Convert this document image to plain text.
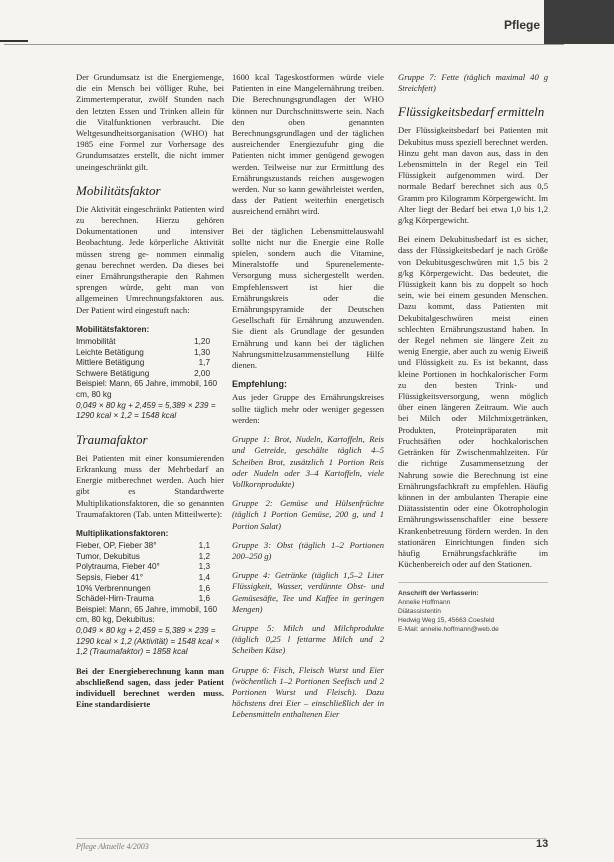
Pflege

Der Grundumsatz ist die Energiemenge, die ein Mensch bei völliger Ruhe, bei Zimmertemperatur, zwölf Stunden nach den letzten Essen und Trinken allein für die Vitalfunktionen verbraucht. Die Weltgesundheitsorganisation (WHO) hat 1985 eine Formel zur Vorhersage des Grundumsatzes erstellt, die nicht immer uneingeschränkt gilt.

Mobilitätsfaktor

Die Aktivität eingeschränkt Patienten wird zu berechnen. Hierzu gehören Dokumentationen und intensiver Beobachtung. Jede körperliche Aktivität müssen streng ge- nommen einmalig genau berechnet werden. Da dieses bei einer Ernährungstherapie den Rahmen sprengen würde, geht man von allgemeinen Umrechnungsfaktoren aus. Der Patient wird eingestuft nach:

Mobilitätsfaktoren:
Immobilität	1,20
Leichte Betätigung	1,30
Mittlere Betätigung	1,7
Schwere Betätigung	2,00
Beispiel: Mann, 65 Jahre, immobil, 160 cm, 80 kg
0,049 × 80 kg + 2,459 = 5,389 × 239 = 1290 kcal × 1,2 = 1548 kcal
Traumafaktor

Bei Patienten mit einer konsumierenden Erkrankung muss der Mehrbedarf an Energie mitberechnet werden. Auch hier gibt es Standardwerte Multiplikationsfaktoren, die so genannten Traumafaktoren (Tab. unten Mitteilwerte):

Multiplikationsfaktoren:
Fieber, OP, Fieber 38°	1,1
Tumor, Dekubitus	1,2
Polytrauma, Fieber 40°	1,3
Sepsis, Fieber 41°	1,4
10% Verbrennungen	1,6
Schädel-Hirn-Trauma	1,6
Beispiel: Mann, 65 Jahre, immobil, 160 cm, 80 kg, Dekubitus:
0,049 × 80 kg + 2,459 = 5,389 × 239 = 1290 kcal × 1,2 (Aktivität) = 1548 kcal × 1,2 (Traumafaktor) = 1858 kcal

Bei der Energieberechnung kann man abschließend sagen, dass jeder Patient individuell berechnet werden muss. Eine standardisierte

1600 kcal Tageskostformen würde viele Patienten in eine Mangelernährung treiben. Die Berechnungsgrundlagen der WHO können nur Durchschnittswerte sein. Nach den oben genannten Berechnungsgrundlagen und der täglichen ausreichender Energiezufuhr ging die Patienten nicht immer genügend gewogen werden. Teilweise nur zur Ermittlung des Ernährungszustands reichen ausgewogen werden. Nur so kann gewährleistet werden, dass der Patient weiterhin energetisch ausreichend ernährt wird.

Bei der täglichen Lebensmittelauswahl sollte nicht nur die Energie eine Rolle spielen, sondern auch die Vitamine, Mineralstoffe und Spurenelemente-Versorgung muss sichergestellt werden. Empfehlenswert ist hier die Ernährungskreis oder die Ernährungspyramide der Deutschen Gesellschaft für Ernährung anzuwenden. Sie dient als Grundlage der gesunden Ernährung und kann bei der täglichen Nahrungsmittelzusammenstellung Hilfe dienen.

Empfehlung:

Aus jeder Gruppe des Ernährungskreises sollte täglich mehr oder weniger gegessen werden:

Gruppe 1: Brot, Nudeln, Kartoffeln, Reis und Getreide, geschälte täglich 4–5 Scheiben Brot, zusätzlich 1 Portion Reis oder Nudeln oder 3–4 Kartoffeln, viele Vollkornprodukte)

Gruppe 2: Gemüse und Hülsenfrüchte (täglich 1 Portion Gemüse, 200 g, und 1 Portion Salat)

Gruppe 3: Obst (täglich 1–2 Portionen 200–250 g)

Gruppe 4: Getränke (täglich 1,5–2 Liter Flüssigkeit, Wasser, verdünnte Obst- und Gemüsesäfte, Tee und Kaffee in geringen Mengen)

Gruppe 5: Milch und Milchprodukte (täglich 0,25 l fettarme Milch und 2 Scheiben Käse)

Gruppe 6: Fisch, Fleisch Wurst und Eier (wöchentlich 1–2 Portionen Seefisch und 2 Portionen Wurst und Fleisch). Dazu höchstens drei Eier – einschließlich der in Lebensmitteln enthaltenen Eier

Gruppe 7: Fette (täglich maximal 40 g Streichfett)

Flüssigkeitsbedarf ermitteln

Der Flüssigkeitsbedarf bei Patienten mit Dekubitus muss speziell berechnet werden. Hinzu geht man davon aus, dass in den Lebensmitteln in der Regel ein Teil Flüssigkeit aufgenommen wird. Der normale Bedarf berechnet sich aus 0,5 Gramm pro Kilogramm Körpergewicht. Im Alter liegt der Bedarf bei etwa 1,0 bis 1,2 g/kg Körpergewicht.

Bei einem Dekubitusbedarf ist es sicher, dass der Flüssigkeitsbedarf je nach Größe von Dekubitusgeschwüren mit 1,5 bis 2 g/kg Körpergewicht. Das bedeutet, die Flüssigkeit kann bis zu doppelt so hoch sein, wie bei einem gesunden Menschen. Dazu kommt, dass Patienten mit Dekubitalgeschwüren meist einen schlechten Ernährungszustand haben. In der Regel nehmen sie längere Zeit zu wenig Energie, aber auch zu wenig Eiweiß und Flüssigkeit zu. Es ist bekannt, dass kleine Portionen in hochkalorischer Form zu den besten Trink- und Flüssigkeitsversorgung, wenn möglich über einen längeren Zeitraum. Wie auch bei Milch oder Milchmixgetränken, Produkten, Proteinpräparaten mit Fruchtsäften oder hochkalorischen Getränken für Zwischenmahlzeiten. Für die richtige Zusammensetzung der Nahrung sowie die Berechnung ist eine Ernährungsfachkraft zu empfehlen. Häufig können in der ambulanten Therapie eine Diätassistentin oder eine Ökotrophologin Ernährungswissenschaftler eine bessere Krankenbetreuung fördern werden. In den stationären Einrichtungen finden sich häufig Ernährungsfachkräfte im Küchenbereich oder auf den Stationen.

Anschrift der Verfasserin:
Annelie Hoffmann
Diätassistentin
Hedwig Weg 15, 45663 Coesfeld
E-Mail: annelie.hoffmann@web.de
Pflege Aktuelle 4/2003	13
